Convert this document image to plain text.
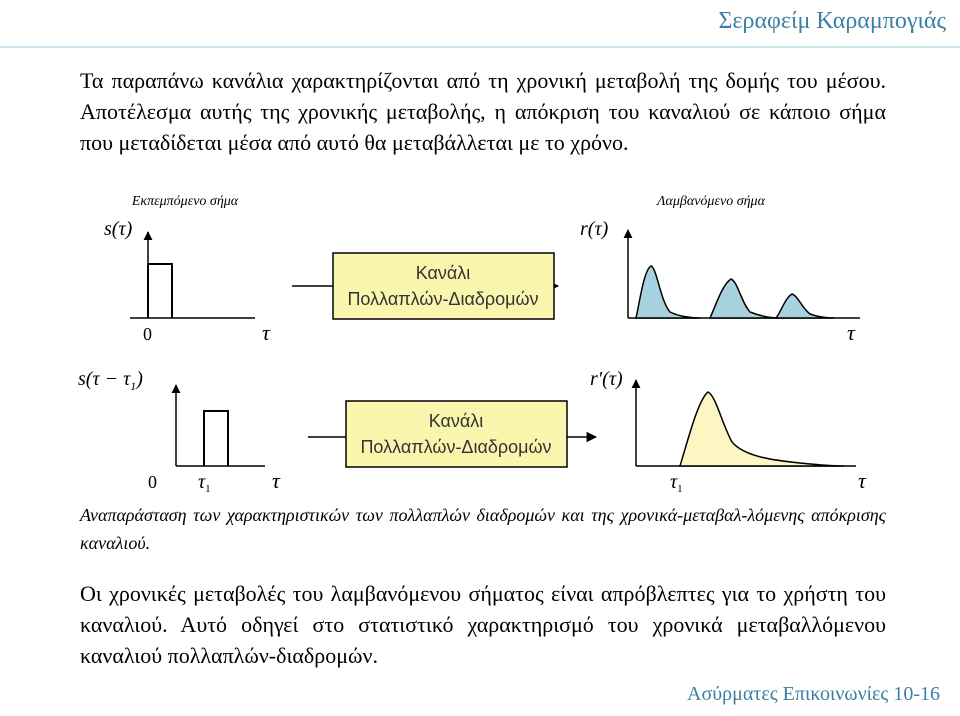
Σεραφείμ Καραμπογιάς
Τα παραπάνω κανάλια χαρακτηρίζονται από τη χρονική μεταβολή της δομής του μέσου. Αποτέλεσμα αυτής της χρονικής μεταβολής, η απόκριση του καναλιού σε κάποιο σήμα που μεταδίδεται μέσα από αυτό θα μεταβάλλεται με το χρόνο.
Εκπεμπόμενο σήμα	Λαμβανόμενο σήμα
s(τ)
0	τ
Κανάλι
Πολλαπλών-Διαδρομών
r(τ)
τ
$s(\tau - \tau_1)$
0 $\tau_1$	τ
Κανάλι
Πολλαπλών-Διαδρομών
r′(τ)
$\tau_1$	τ
Αναπαράσταση των χαρακτηριστικών των πολλαπλών διαδρομών και της χρονικά-μεταβαλ-λόμενης απόκρισης καναλιού.
Οι χρονικές μεταβολές του λαμβανόμενου σήματος είναι απρόβλεπτες για το χρήστη του καναλιού. Αυτό οδηγεί στο στατιστικό χαρακτηρισμό του χρονικά μεταβαλλόμενου καναλιού πολλαπλών-διαδρομών.
Ασύρματες Επικοινωνίες 10-16
